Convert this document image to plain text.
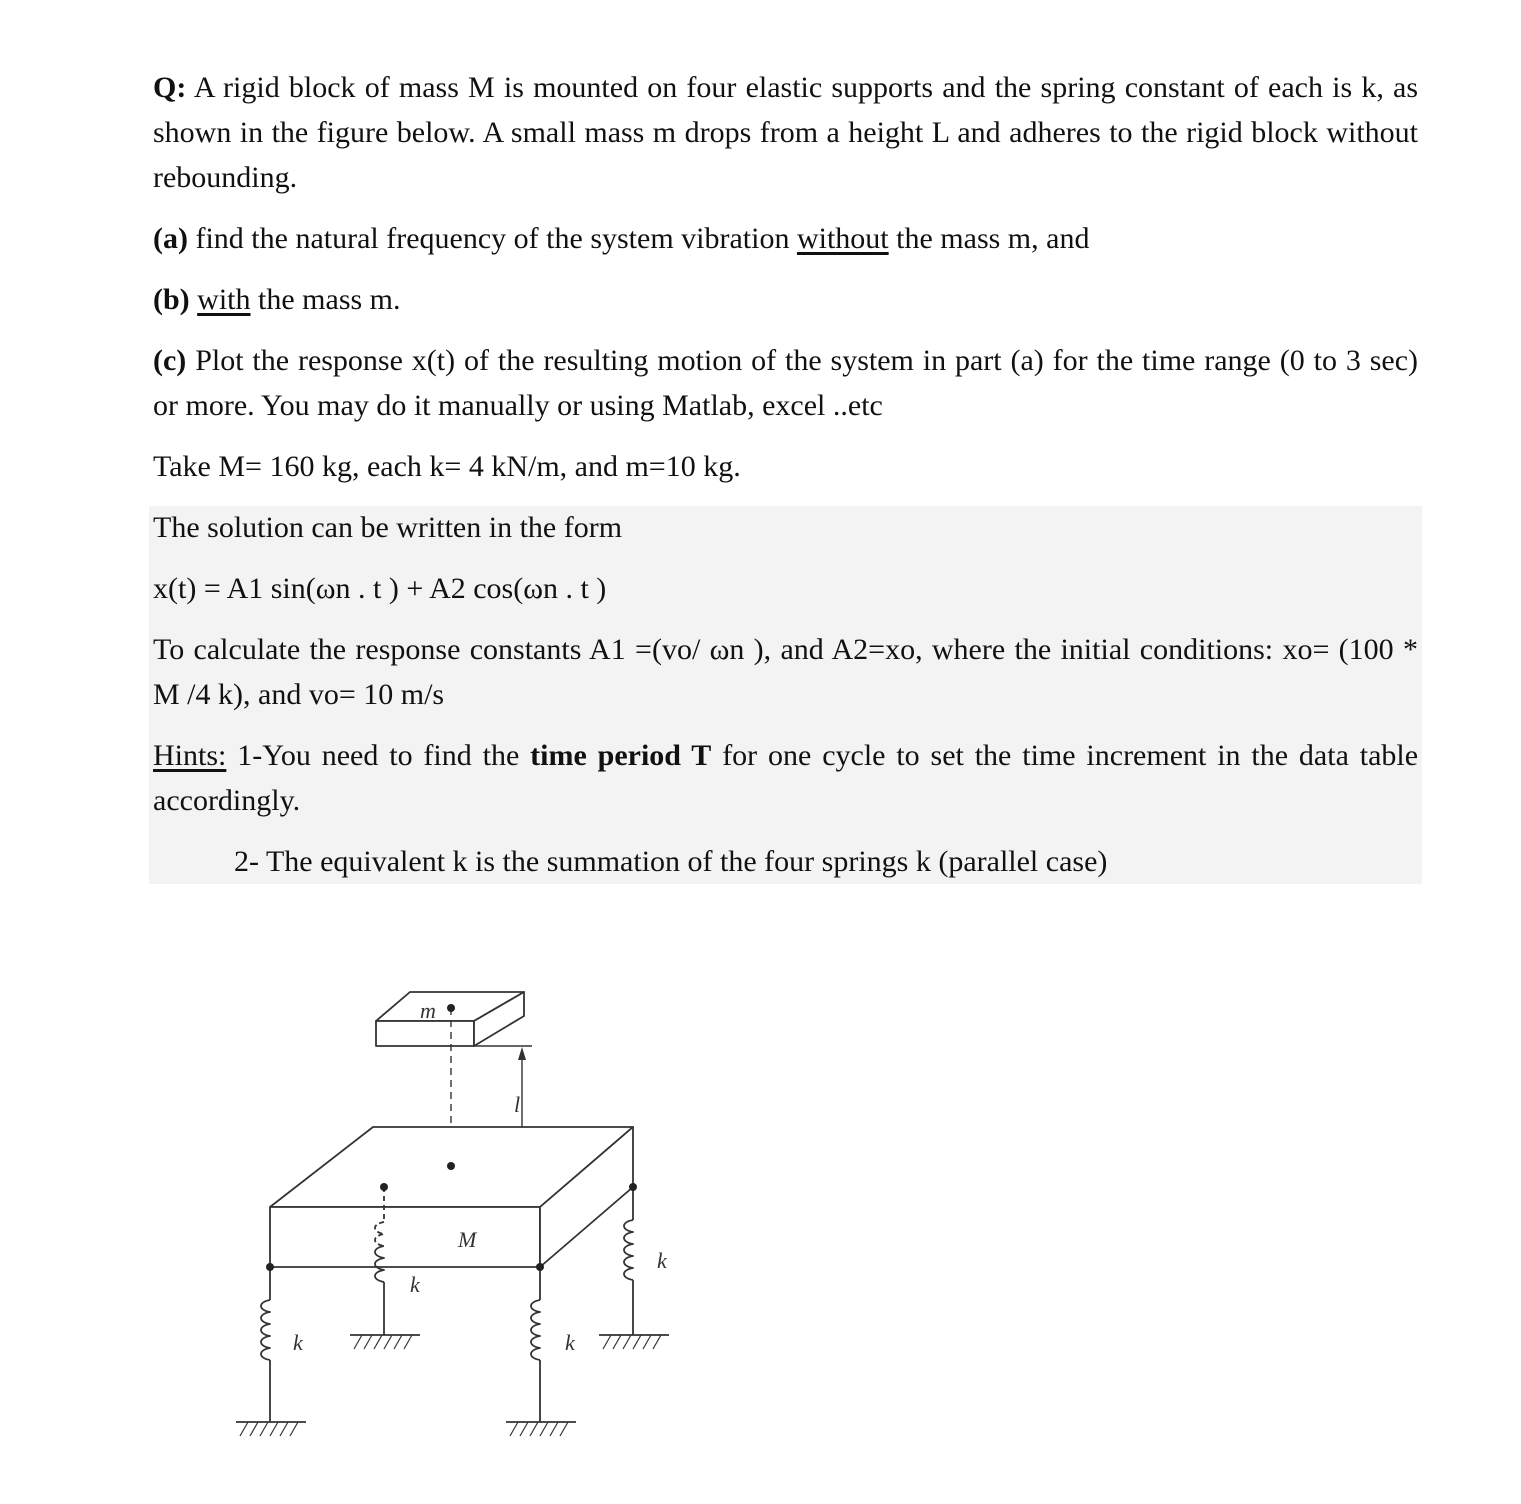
Q: A rigid block of mass M is mounted on four elastic supports and the spring constant of each is k, as shown in the figure below. A small mass m drops from a height L and adheres to the rigid block without rebounding.
(a) find the natural frequency of the system vibration without the mass m, and
(b) with the mass m.
(c) Plot the response x(t) of the resulting motion of the system in part (a) for the time range (0 to 3 sec) or more. You may do it manually or using Matlab, excel ..etc
Take M= 160 kg, each k= 4 kN/m, and m=10 kg.
The solution can be written in the form
x(t) = A1 sin(ωn . t ) + A2 cos(ωn . t )
To calculate the response constants A1 =(vo/ ωn ), and A2=xo, where the initial conditions: xo= (100 * M /4 k), and vo= 10 m/s
Hints: 1-You need to find the time period T for one cycle to set the time increment in the data table accordingly.
2- The equivalent k is the summation of the four springs k (parallel case)
m
l
M
k
k
k
k
